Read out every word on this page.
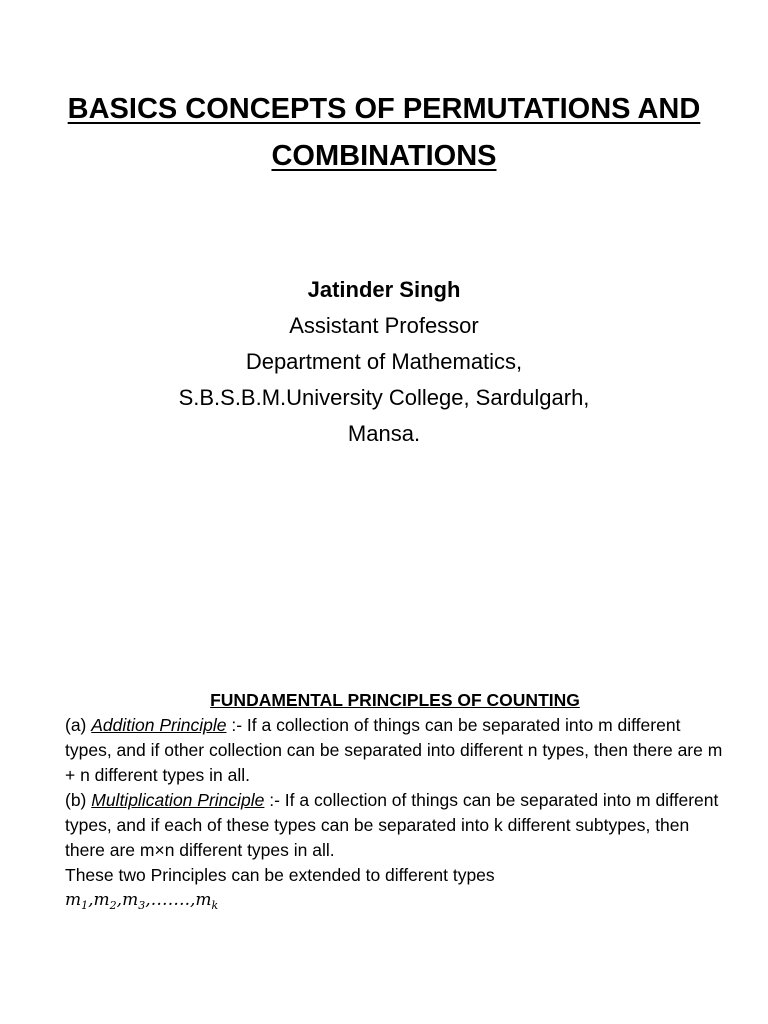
BASICS CONCEPTS OF PERMUTATIONS AND COMBINATIONS

Jatinder Singh

Assistant Professor

Department of Mathematics,

S.B.S.B.M.University College, Sardulgarh,

Mansa.

FUNDAMENTAL PRINCIPLES OF COUNTING

(a) Addition Principle :- If a collection of things can be separated into m different types, and if other collection can be separated into different n types, then there are m + n different types in all.

(b) Multiplication Principle :- If a collection of things can be separated into m different types, and if each of these types can be separated into k different subtypes, then there are m×n different types in all.

These two Principles can be extended to different types

$m_1,m_2,m_3,\dots\dots.,m_k$
